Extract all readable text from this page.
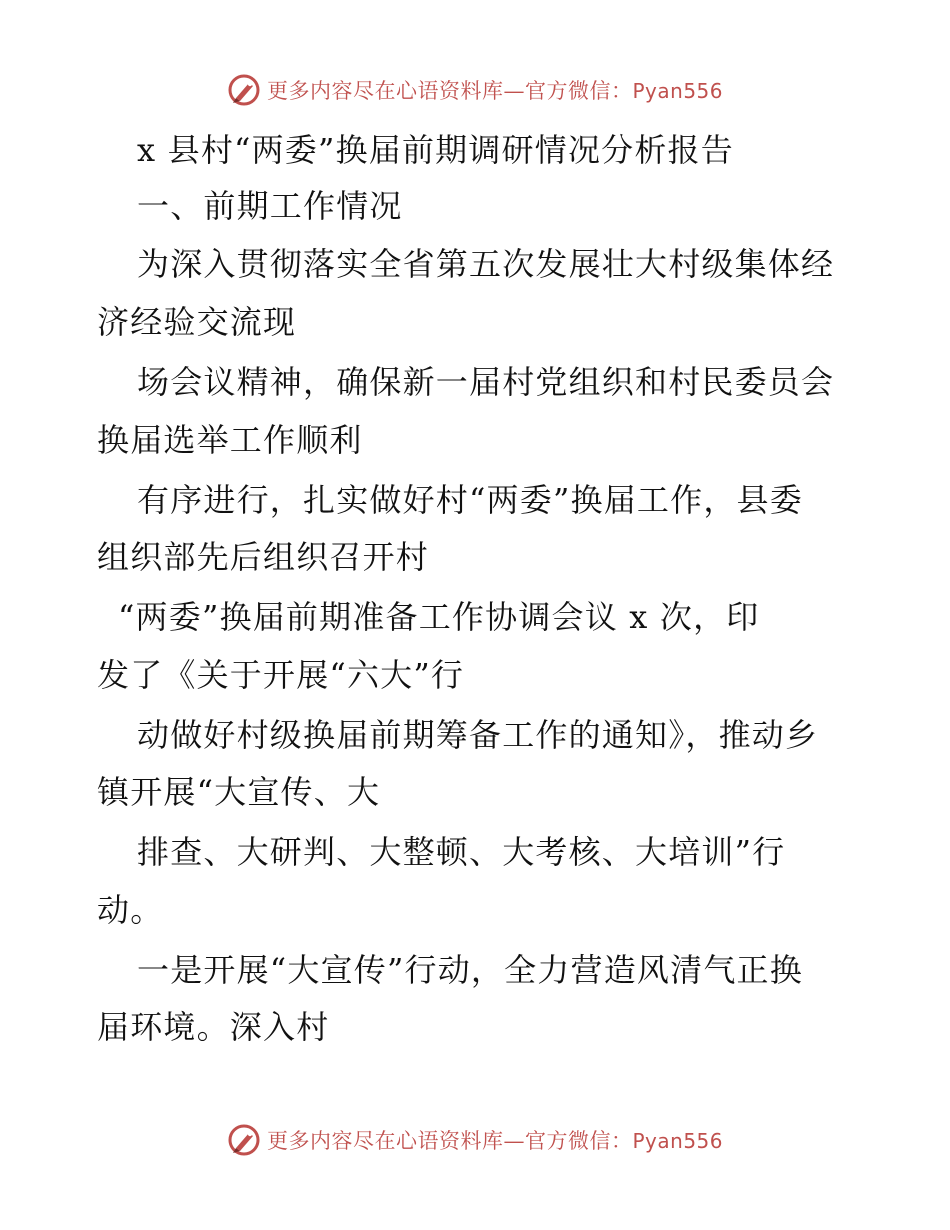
更多内容尽在心语资料库—官方微信：Pyan556
x 县村“两委”换届前期调研情况分析报告
一、前期工作情况
为深入贯彻落实全省第五次发展壮大村级集体经
济经验交流现
场会议精神，确保新一届村党组织和村民委员会
换届选举工作顺利
有序进行，扎实做好村“两委”换届工作，县委
组织部先后组织召开村
“两委”换届前期准备工作协调会议 x 次，印
发了《关于开展“六大”行
动做好村级换届前期筹备工作的通知》，推动乡
镇开展“大宣传、大
排查、大研判、大整顿、大考核、大培训”行
动。
一是开展“大宣传”行动，全力营造风清气正换
届环境。深入村
更多内容尽在心语资料库—官方微信：Pyan556
